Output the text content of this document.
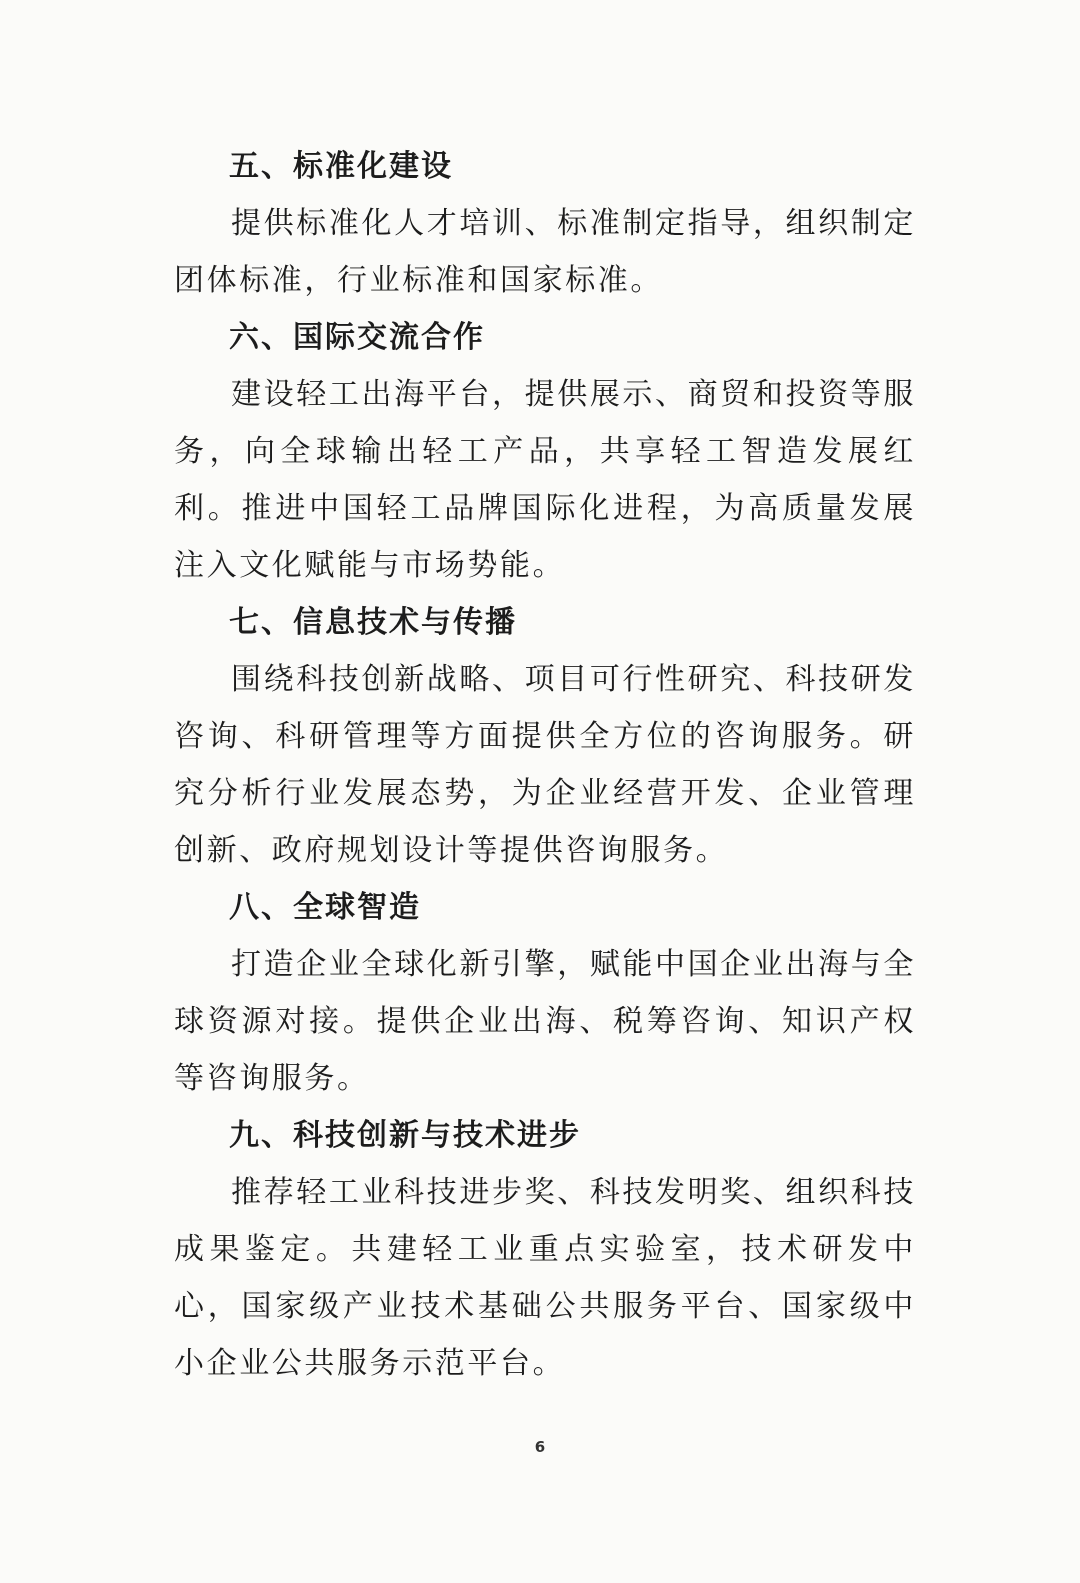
五、标准化建设

提供标准化人才培训、标准制定指导，组织制定团体标准，行业标准和国家标准。

六、国际交流合作

建设轻工出海平台，提供展示、商贸和投资等服务，向全球输出轻工产品，共享轻工智造发展红利。推进中国轻工品牌国际化进程，为高质量发展注入文化赋能与市场势能。

七、信息技术与传播

围绕科技创新战略、项目可行性研究、科技研发咨询、科研管理等方面提供全方位的咨询服务。研究分析行业发展态势，为企业经营开发、企业管理创新、政府规划设计等提供咨询服务。

八、全球智造

打造企业全球化新引擎，赋能中国企业出海与全球资源对接。提供企业出海、税筹咨询、知识产权等咨询服务。

九、科技创新与技术进步

推荐轻工业科技进步奖、科技发明奖、组织科技成果鉴定。共建轻工业重点实验室，技术研发中心，国家级产业技术基础公共服务平台、国家级中小企业公共服务示范平台。

6
